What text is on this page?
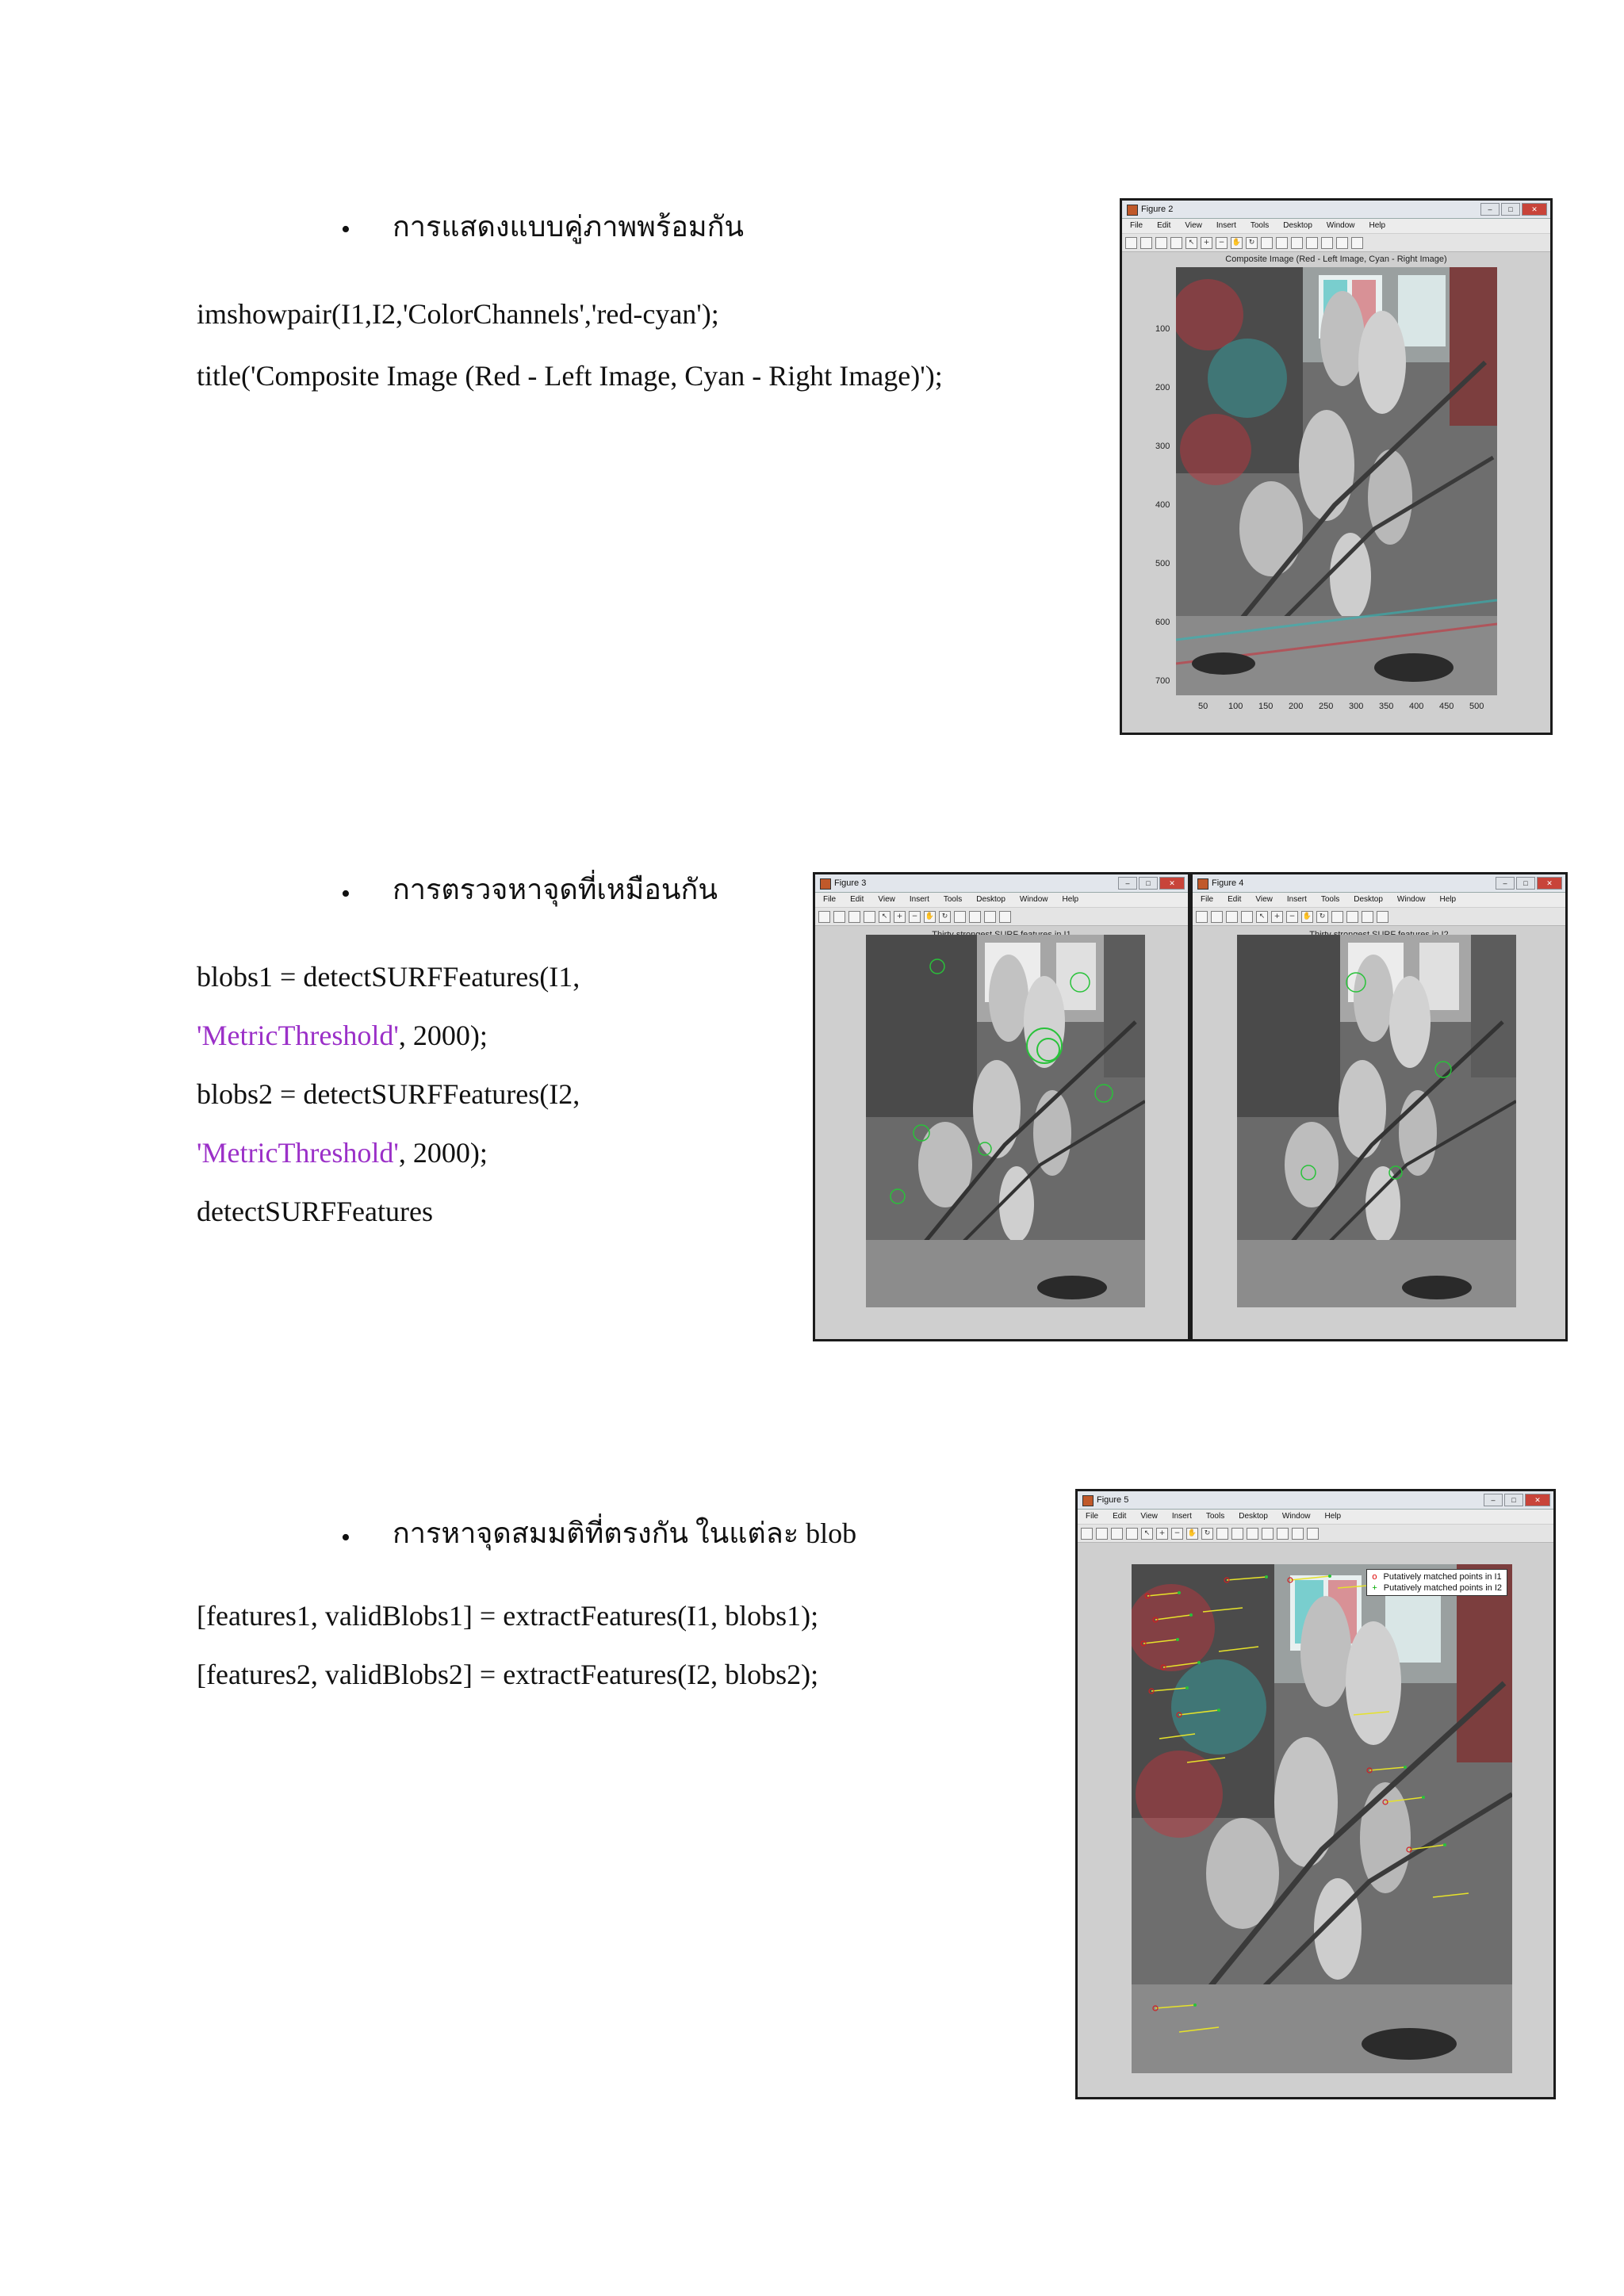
• การแสดงแบบคู่ภาพพร้อมกัน
imshowpair(I1,I2,'ColorChannels','red-cyan');
title('Composite Image (Red - Left Image, Cyan - Right Image)');
Figure 2	– □	✕
File Edit View Insert Tools Desktop Window Help
↖ + − ✋ ↻
Composite Image (Red - Left Image, Cyan - Right Image)
100
200
300
400
500
600
700
50 100 150 200 250 300 350 400 450 500
• การตรวจหาจุดที่เหมือนกัน
blobs1 = detectSURFFeatures(I1,
'MetricThreshold', 2000);
blobs2 = detectSURFFeatures(I2,
'MetricThreshold', 2000);
detectSURFFeatures
Figure 3	– □	✕
File Edit View Insert Tools Desktop Window Help
↖ + − ✋ ↻
Figure 4	– □	✕
File Edit View Insert Tools Desktop Window Help
↖ + − ✋ ↻
• การหาจุดสมมติที่ตรงกัน ในแต่ละ blob
[features1, validBlobs1] = extractFeatures(I1, blobs1);
[features2, validBlobs2] = extractFeatures(I2, blobs2);
Figure 5	– □	✕
File Edit View Insert Tools Desktop Window Help
↖ + − ✋ ↻
o Putatively matched points in I1
+ Putatively matched points in I2
